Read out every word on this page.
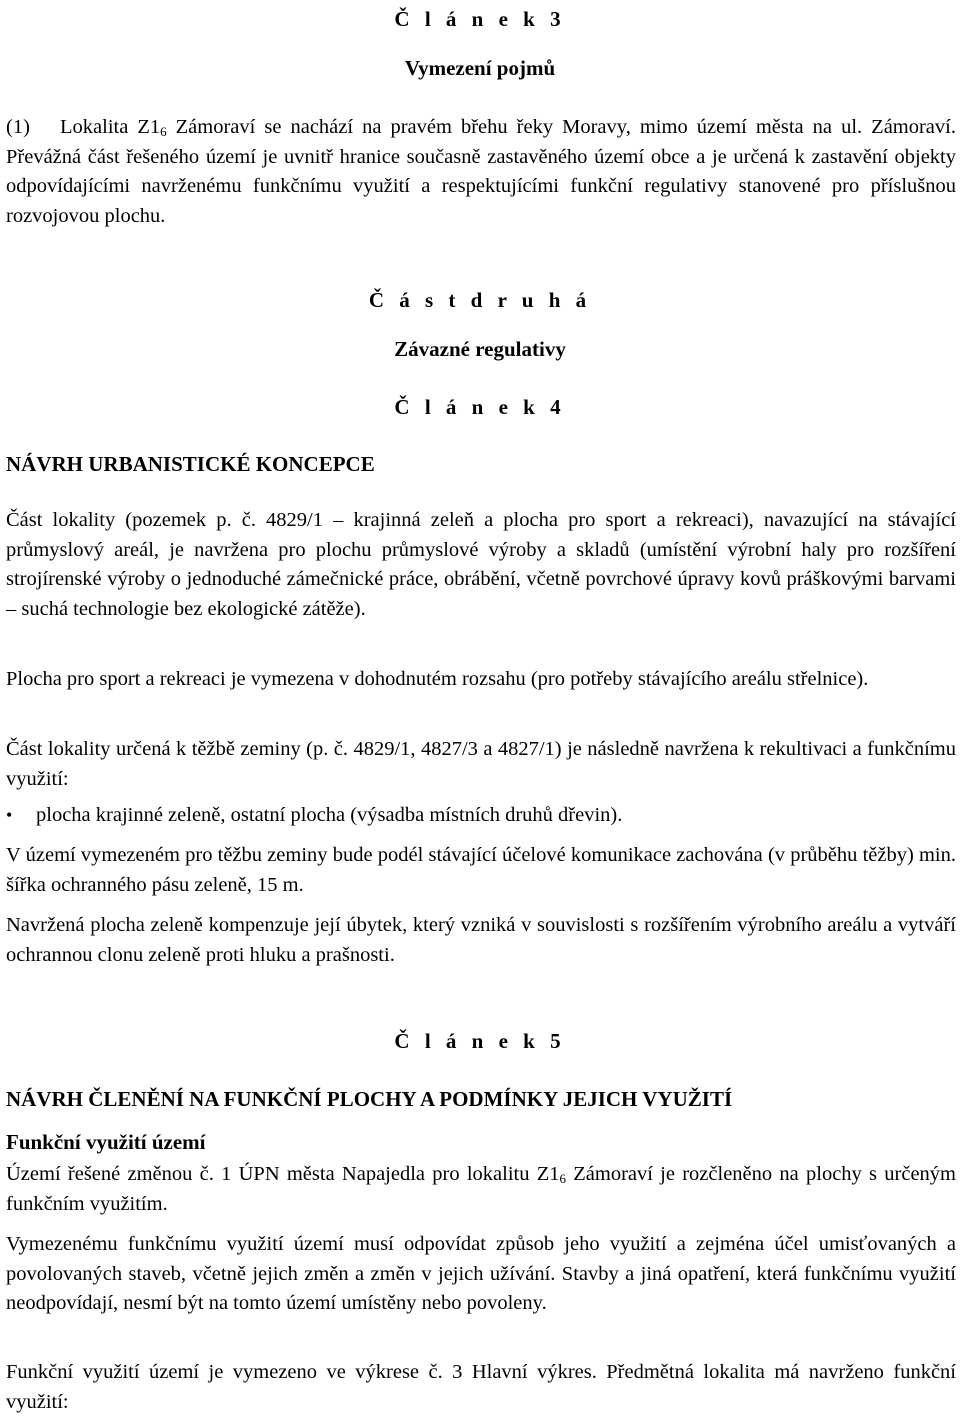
Č l á n e k 3
Vymezení pojmů

(1)	Lokalita $Z1_6$ Zámoraví se nachází na pravém břehu řeky Moravy, mimo území města na ul. Zámoraví. Převážná část řešeného území je uvnitř hranice současně zastavěného území obce a je určená k zastavění objekty odpovídajícími navrženému funkčnímu využití a respektujícími funkční regulativy stanovené pro příslušnou rozvojovou plochu.

Č á s t d r u h á
Závazné regulativy
Č l á n e k 4
NÁVRH URBANISTICKÉ KONCEPCE

Část lokality (pozemek p. č. 4829/1 – krajinná zeleň a plocha pro sport a rekreaci), navazující na stávající průmyslový areál, je navržena pro plochu průmyslové výroby a skladů (umístění výrobní haly pro rozšíření strojírenské výroby o jednoduché zámečnické práce, obrábění, včetně povrchové úpravy kovů práškovými barvami – suchá technologie bez ekologické zátěže).

Plocha pro sport a rekreaci je vymezena v dohodnutém rozsahu (pro potřeby stávajícího areálu střelnice).

Část lokality určená k těžbě zeminy (p. č. 4829/1, 4827/3 a 4827/1) je následně navržena k rekultivaci a funkčnímu využití:

• plocha krajinné zeleně, ostatní plocha (výsadba místních druhů dřevin).

V území vymezeném pro těžbu zeminy bude podél stávající účelové komunikace zachována (v průběhu těžby) min. šířka ochranného pásu zeleně, 15 m.

Navržená plocha zeleně kompenzuje její úbytek, který vzniká v souvislosti s rozšířením výrobního areálu a vytváří ochrannou clonu zeleně proti hluku a prašnosti.

Č l á n e k 5
NÁVRH ČLENĚNÍ NA FUNKČNÍ PLOCHY A PODMÍNKY JEJICH VYUŽITÍ
Funkční využití území

Území řešené změnou č. 1 ÚPN města Napajedla pro lokalitu $Z1_6$ Zámoraví je rozčleněno na plochy s určeným funkčním využitím.

Vymezenému funkčnímu využití území musí odpovídat způsob jeho využití a zejména účel umisťovaných a povolovaných staveb, včetně jejich změn a změn v jejich užívání. Stavby a jiná opatření, která funkčnímu využití neodpovídají, nesmí být na tomto území umístěny nebo povoleny.

Funkční využití území je vymezeno ve výkrese č. 3 Hlavní výkres. Předmětná lokalita má navrženo funkční využití:
